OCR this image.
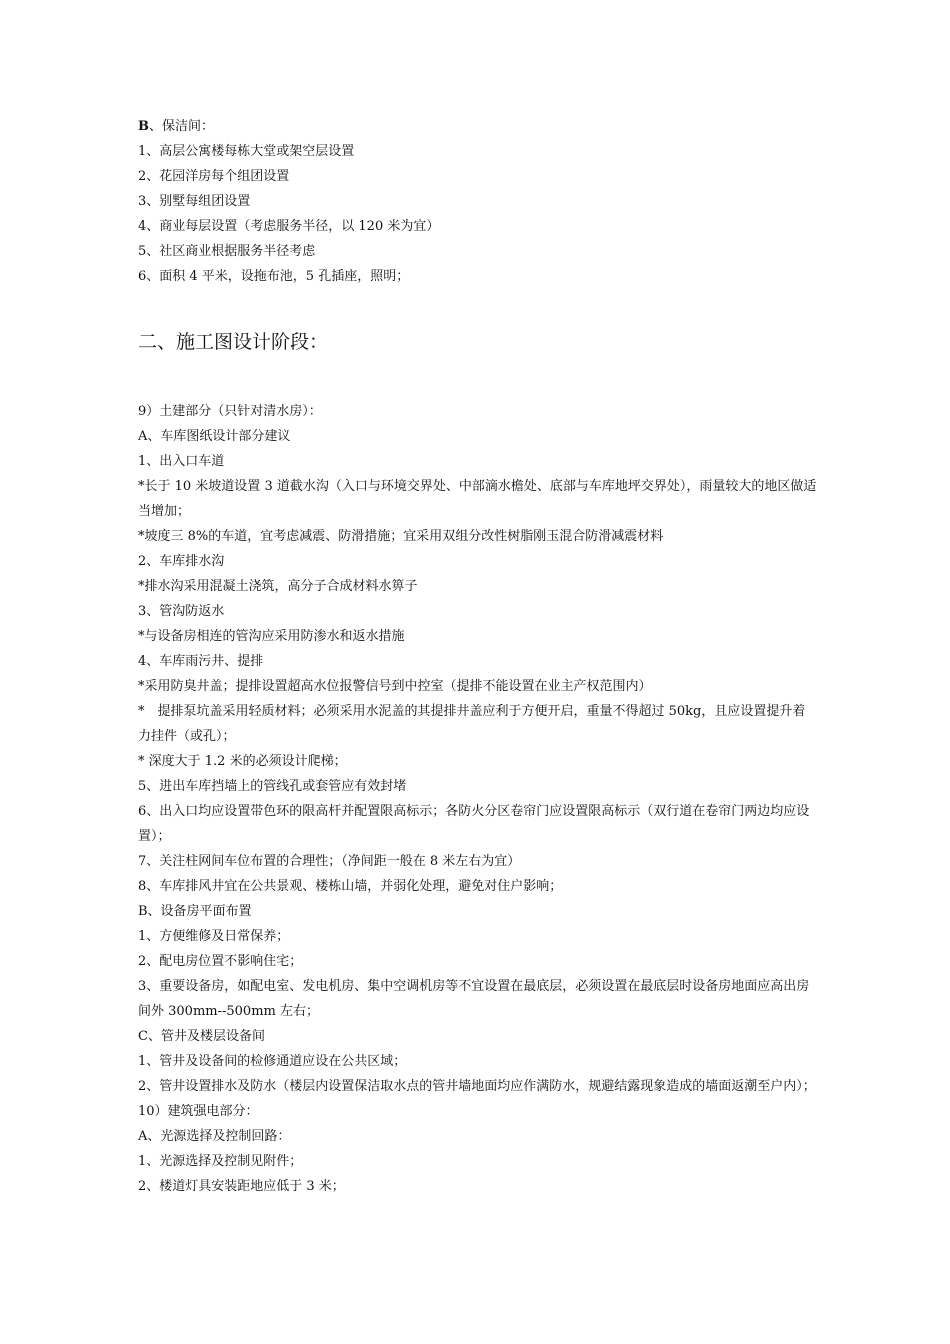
B、保洁间：
1、高层公寓楼每栋大堂或架空层设置
2、花园洋房每个组团设置
3、别墅每组团设置
4、商业每层设置（考虑服务半径，以 120 米为宜）
5、社区商业根据服务半径考虑
6、面积 4 平米，设拖布池，5 孔插座，照明；
二、施工图设计阶段：
9）土建部分（只针对清水房）：
A、车库图纸设计部分建议
1、出入口车道
*长于 10 米坡道设置 3 道截水沟（入口与环境交界处、中部滴水檐处、底部与车库地坪交界处），雨量较大的地区做适当增加；
*坡度三 8%的车道，宜考虑减震、防滑措施；宜采用双组分改性树脂刚玉混合防滑减震材料
2、车库排水沟
*排水沟采用混凝土浇筑，高分子合成材料水箅子
3、管沟防返水
*与设备房相连的管沟应采用防渗水和返水措施
4、车库雨污井、提排
*采用防臭井盖；提排设置超高水位报警信号到中控室（提排不能设置在业主产权范围内）
*　提排泵坑盖采用轻质材料；必须采用水泥盖的其提排井盖应利于方便开启，重量不得超过 50kg，且应设置提升着力挂件（或孔）；
* 深度大于 1.2 米的必须设计爬梯；
5、进出车库挡墙上的管线孔或套管应有效封堵
6、出入口均应设置带色环的限高杆并配置限高标示；各防火分区卷帘门应设置限高标示（双行道在卷帘门两边均应设置）；
7、关注柱网间车位布置的合理性；（净间距一般在 8 米左右为宜）
8、车库排风井宜在公共景观、楼栋山墙，并弱化处理，避免对住户影响；
B、设备房平面布置
1、方便维修及日常保养；
2、配电房位置不影响住宅；
3、重要设备房，如配电室、发电机房、集中空调机房等不宜设置在最底层，必须设置在最底层时设备房地面应高出房间外 300mm--500mm 左右；
C、管井及楼层设备间
1、管井及设备间的检修通道应设在公共区域；
2、管井设置排水及防水（楼层内设置保洁取水点的管井墙地面均应作满防水，规避结露现象造成的墙面返潮至户内）；
10）建筑强电部分：
A、光源选择及控制回路：
1、光源选择及控制见附件；
2、楼道灯具安装距地应低于 3 米；
